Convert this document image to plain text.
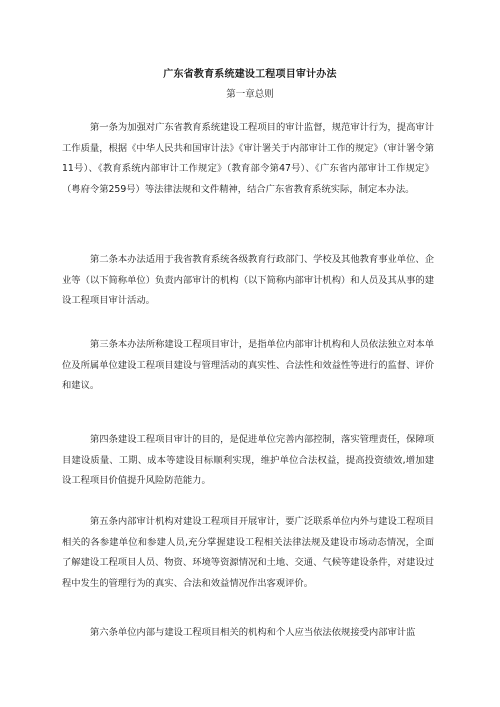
广东省教育系统建设工程项目审计办法
第一章总则

第一条为加强对广东省教育系统建设工程项目的审计监督，规范审计行为，提高审计工作质量，根据《中华人民共和国审计法》《审计署关于内部审计工作的规定》（审计署令第11号）、《教育系统内部审计工作规定》（教育部令第47号）、《广东省内部审计工作规定》（粤府令第259号）等法律法规和文件精神，结合广东省教育系统实际，制定本办法。

第二条本办法适用于我省教育系统各级教育行政部门、学校及其他教育事业单位、企业等（以下简称单位）负责内部审计的机构（以下简称内部审计机构）和人员及其从事的建设工程项目审计活动。

第三条本办法所称建设工程项目审计，是指单位内部审计机构和人员依法独立对本单位及所属单位建设工程项目建设与管理活动的真实性、合法性和效益性等进行的监督、评价和建议。

第四条建设工程项目审计的目的，是促进单位完善内部控制，落实管理责任，保障项目建设质量、工期、成本等建设目标顺利实现，维护单位合法权益，提高投资绩效,增加建设工程项目价值提升风险防范能力。

第五条内部审计机构对建设工程项目开展审计，要广泛联系单位内外与建设工程项目相关的各参建单位和参建人员,充分掌握建设工程相关法律法规及建设市场动态情况，全面了解建设工程项目人员、物资、环境等资源情况和土地、交通、气候等建设条件，对建设过程中发生的管理行为的真实、合法和效益情况作出客观评价。

第六条单位内部与建设工程项目相关的机构和个人应当依法依规接受内部审计监
